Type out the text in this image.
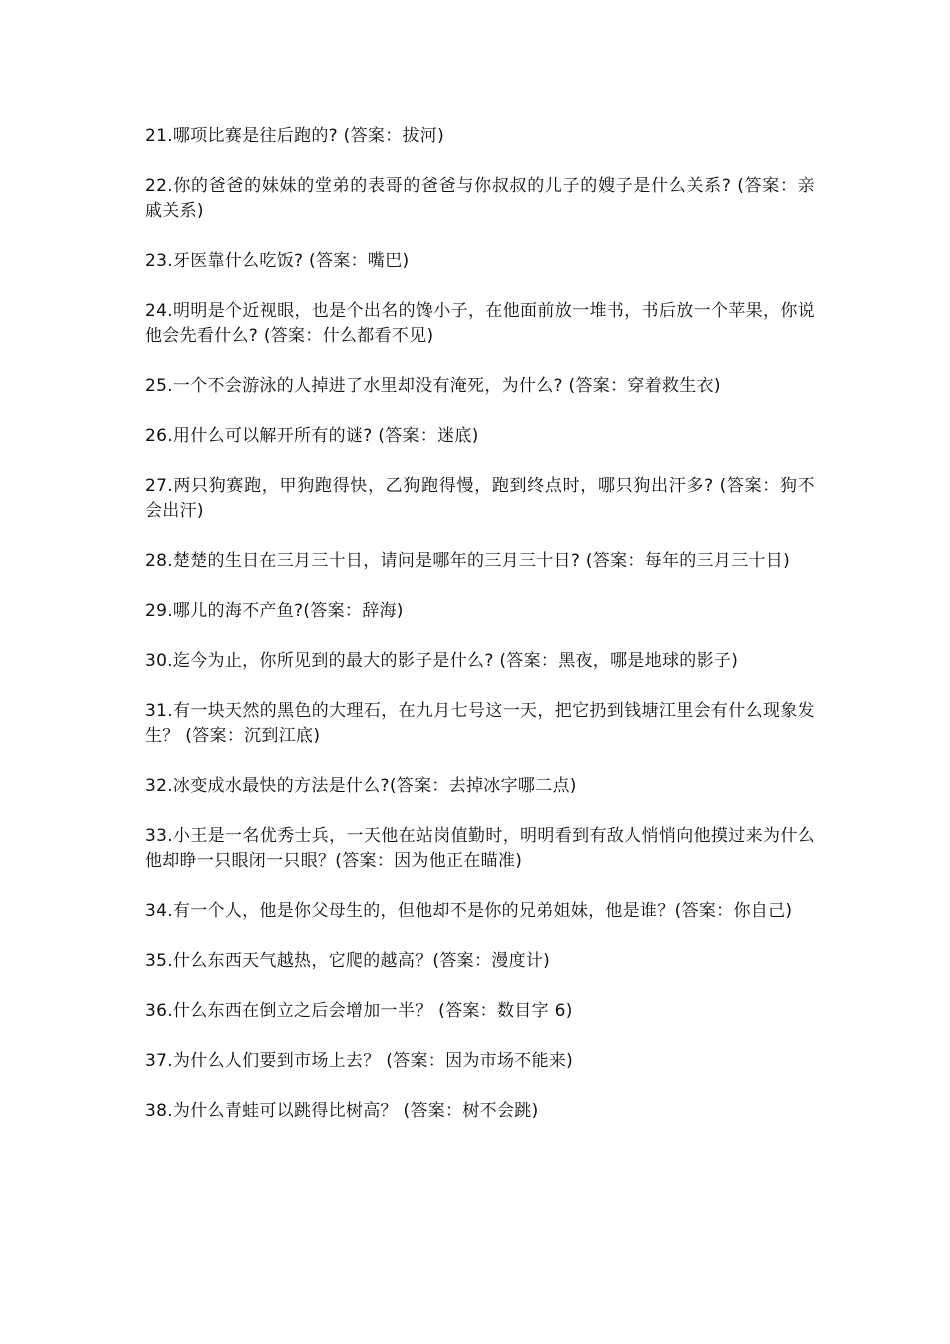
21.哪项比赛是往后跑的? (答案：拔河)

22.你的爸爸的妹妹的堂弟的表哥的爸爸与你叔叔的儿子的嫂子是什么关系? (答案：亲戚关系)

23.牙医靠什么吃饭? (答案：嘴巴)

24.明明是个近视眼，也是个出名的馋小子，在他面前放一堆书，书后放一个苹果，你说他会先看什么? (答案：什么都看不见)

25.一个不会游泳的人掉进了水里却没有淹死，为什么? (答案：穿着救生衣)

26.用什么可以解开所有的谜? (答案：迷底)

27.两只狗赛跑，甲狗跑得快，乙狗跑得慢，跑到终点时，哪只狗出汗多? (答案：狗不会出汗)

28.楚楚的生日在三月三十日，请问是哪年的三月三十日? (答案：每年的三月三十日)

29.哪儿的海不产鱼?(答案：辞海)

30.迄今为止，你所见到的最大的影子是什么? (答案：黑夜，哪是地球的影子)

31.有一块天然的黑色的大理石，在九月七号这一天，把它扔到钱塘江里会有什么现象发生？ (答案：沉到江底)

32.冰变成水最快的方法是什么?(答案：去掉冰字哪二点)

33.小王是一名优秀士兵，一天他在站岗值勤时，明明看到有敌人悄悄向他摸过来为什么他却睁一只眼闭一只眼？(答案：因为他正在瞄准)

34.有一个人，他是你父母生的，但他却不是你的兄弟姐妹，他是谁？(答案：你自己)

35.什么东西天气越热，它爬的越高？(答案：漫度计)

36.什么东西在倒立之后会增加一半？ (答案：数目字 6)

37.为什么人们要到市场上去？ (答案：因为市场不能来)

38.为什么青蛙可以跳得比树高？ (答案：树不会跳)
